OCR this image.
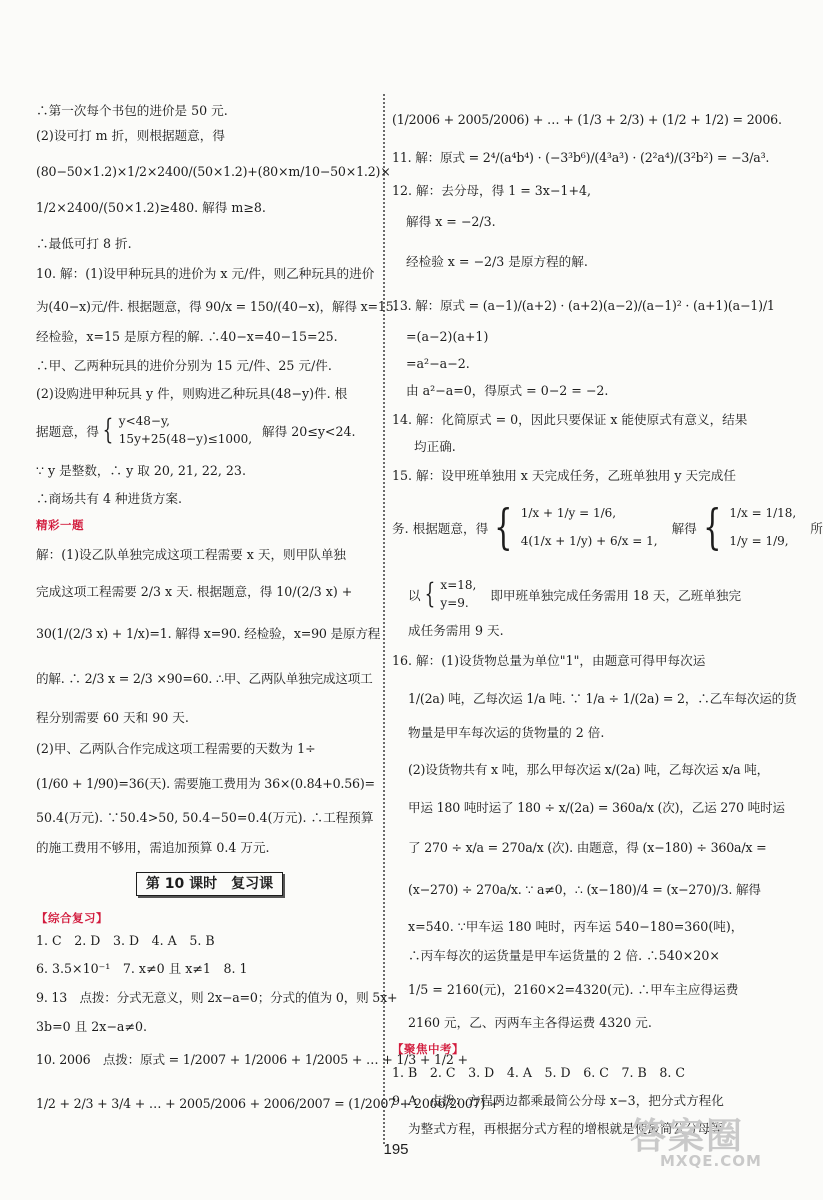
∴第一次每个书包的进价是 50 元.
(2)设可打 m 折，则根据题意，得
(80−50×1.2)×1/2×2400/(50×1.2)+(80×m/10−50×1.2)×
1/2×2400/(50×1.2)≥480. 解得 m≥8.
∴最低可打 8 折.
10. 解：(1)设甲种玩具的进价为 x 元/件，则乙种玩具的进价
为(40−x)元/件. 根据题意，得 90/x = 150/(40−x)，解得 x=15.
经检验，x=15 是原方程的解. ∴40−x=40−15=25.
∴甲、乙两种玩具的进价分别为 15 元/件、25 元/件.
(2)设购进甲种玩具 y 件，则购进乙种玩具(48−y)件. 根
据题意，得 { y<48−y,
15y+25(48−y)≤1000,
解得 20≤y<24.
∵ y 是整数，∴ y 取 20, 21, 22, 23.
∴商场共有 4 种进货方案.
精彩一题
解：(1)设乙队单独完成这项工程需要 x 天，则甲队单独
完成这项工程需要 2/3 x 天. 根据题意，得 10/(2/3 x) +
30(1/(2/3 x) + 1/x)=1. 解得 x=90. 经检验，x=90 是原方程
的解. ∴ 2/3 x = 2/3 ×90=60. ∴甲、乙两队单独完成这项工
程分别需要 60 天和 90 天.
(2)甲、乙两队合作完成这项工程需要的天数为 1÷
(1/60 + 1/90)=36(天). 需要施工费用为 36×(0.84+0.56)=
50.4(万元). ∵50.4>50, 50.4−50=0.4(万元). ∴工程预算
的施工费用不够用，需追加预算 0.4 万元.
第 10 课时　复习课
【综合复习】
1. C　2. D　3. D　4. A　5. B
6. 3.5×10⁻¹　7. x≠0 且 x≠1　8. 1
9. 13　点拨：分式无意义，则 2x−a=0；分式的值为 0，则 5x+
3b=0 且 2x−a≠0.
10. 2006　点拨：原式 = 1/2007 + 1/2006 + 1/2005 + … + 1/3 + 1/2 +
1/2 + 2/3 + 3/4 + … + 2005/2006 + 2006/2007 = (1/2007 + 2006/2007) +
(1/2006 + 2005/2006) + … + (1/3 + 2/3) + (1/2 + 1/2) = 2006.
11. 解：原式 = 2⁴/(a⁴b⁴) · (−3³b⁶)/(4³a³) · (2²a⁴)/(3²b²) = −3/a³.
12. 解：去分母，得 1 = 3x−1+4,
解得 x = −2/3.
经检验 x = −2/3 是原方程的解.
13. 解：原式 = (a−1)/(a+2) · (a+2)(a−2)/(a−1)² · (a+1)(a−1)/1
=(a−2)(a+1)
=a²−a−2.
由 a²−a=0，得原式 = 0−2 = −2.
14. 解：化简原式 = 0，因此只要保证 x 能使原式有意义，结果
均正确.
15. 解：设甲班单独用 x 天完成任务，乙班单独用 y 天完成任
务. 根据题意，得 { 1/x + 1/y = 1/6,
4(1/x + 1/y) + 6/x = 1,
解得 { 1/x = 1/18,
1/y = 1/9,
所
以 { x=18,
y=9.
即甲班单独完成任务需用 18 天，乙班单独完
成任务需用 9 天.
16. 解：(1)设货物总量为单位"1"，由题意可得甲每次运
1/(2a) 吨，乙每次运 1/a 吨. ∵ 1/a ÷ 1/(2a) = 2，∴乙车每次运的货
物量是甲车每次运的货物量的 2 倍.
(2)设货物共有 x 吨，那么甲每次运 x/(2a) 吨，乙每次运 x/a 吨，
甲运 180 吨时运了 180 ÷ x/(2a) = 360a/x (次)，乙运 270 吨时运
了 270 ÷ x/a = 270a/x (次). 由题意，得 (x−180) ÷ 360a/x =
(x−270) ÷ 270a/x. ∵ a≠0，∴ (x−180)/4 = (x−270)/3. 解得
x=540. ∵甲车运 180 吨时，丙车运 540−180=360(吨)，
∴丙车每次的运货量是甲车运货量的 2 倍. ∴540×20×
1/5 = 2160(元)，2160×2=4320(元). ∴甲车主应得运费
2160 元，乙、丙两车主各得运费 4320 元.
【聚焦中考】
1. B　2. C　3. D　4. A　5. D　6. C　7. B　8. C
9. A　点拨：方程两边都乘最简公分母 x−3，把分式方程化
为整式方程，再根据分式方程的增根就是使最简公分母等
195	答案圈
MXQE.COM
